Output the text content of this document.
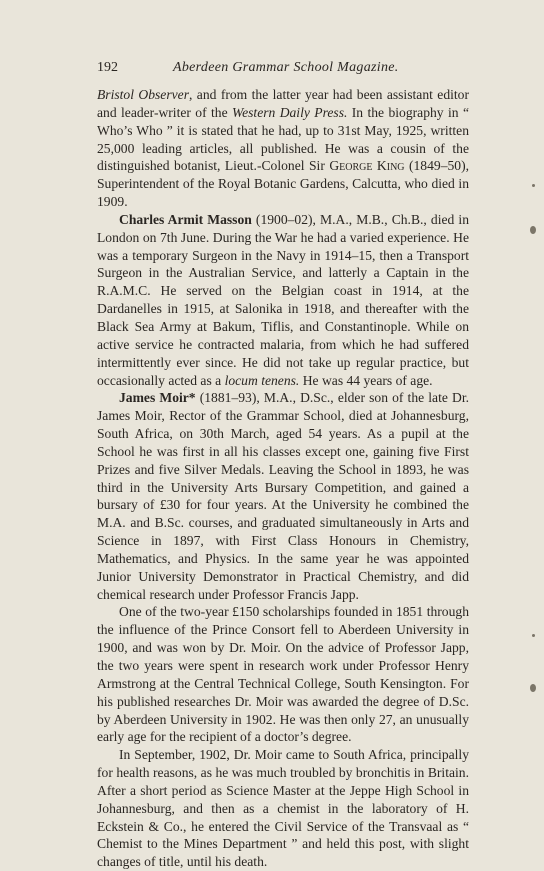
192	Aberdeen Grammar School Magazine.

Bristol Observer, and from the latter year had been assistant editor and leader-writer of the Western Daily Press. In the biography in “ Who’s Who ” it is stated that he had, up to 31st May, 1925, written 25,000 leading articles, all published. He was a cousin of the distinguished botanist, Lieut.-Colonel Sir George King (1849–50), Superintendent of the Royal Botanic Gardens, Calcutta, who died in 1909.

Charles Armit Masson (1900–02), M.A., M.B., Ch.B., died in London on 7th June. During the War he had a varied experience. He was a temporary Surgeon in the Navy in 1914–15, then a Transport Surgeon in the Australian Service, and latterly a Captain in the R.A.M.C. He served on the Belgian coast in 1914, at the Dardanelles in 1915, at Salonika in 1918, and thereafter with the Black Sea Army at Bakum, Tiflis, and Constantinople. While on active service he contracted malaria, from which he had suffered intermittently ever since. He did not take up regular practice, but occasionally acted as a locum tenens. He was 44 years of age.

James Moir* (1881–93), M.A., D.Sc., elder son of the late Dr. James Moir, Rector of the Grammar School, died at Johannesburg, South Africa, on 30th March, aged 54 years. As a pupil at the School he was first in all his classes except one, gaining five First Prizes and five Silver Medals. Leaving the School in 1893, he was third in the University Arts Bursary Competition, and gained a bursary of £30 for four years. At the University he combined the M.A. and B.Sc. courses, and graduated simultaneously in Arts and Science in 1897, with First Class Honours in Chemistry, Mathematics, and Physics. In the same year he was appointed Junior University Demonstrator in Practical Chemistry, and did chemical research under Professor Francis Japp.

One of the two-year £150 scholarships founded in 1851 through the influence of the Prince Consort fell to Aberdeen University in 1900, and was won by Dr. Moir. On the advice of Professor Japp, the two years were spent in research work under Professor Henry Armstrong at the Central Technical College, South Kensington. For his published researches Dr. Moir was awarded the degree of D.Sc. by Aberdeen University in 1902. He was then only 27, an unusually early age for the recipient of a doctor’s degree.

In September, 1902, Dr. Moir came to South Africa, principally for health reasons, as he was much troubled by bronchitis in Britain. After a short period as Science Master at the Jeppe High School in Johannesburg, and then as a chemist in the laboratory of H. Eckstein & Co., he entered the Civil Service of the Transvaal as “ Chemist to the Mines Department ” and held this post, with slight changes of title, until his death.
